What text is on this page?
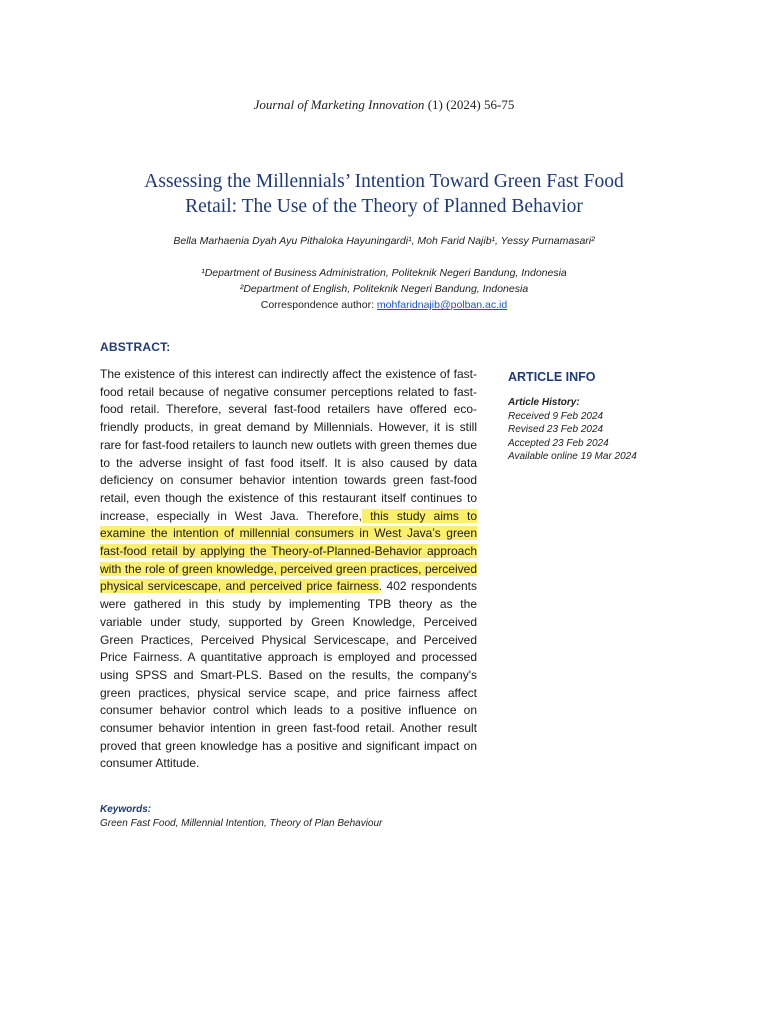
Journal of Marketing Innovation (1) (2024) 56-75
Assessing the Millennials’ Intention Toward Green Fast Food
Retail: The Use of the Theory of Planned Behavior
Bella Marhaenia Dyah Ayu Pithaloka Hayuningardi¹, Moh Farid Najib¹, Yessy Purnamasari²
¹Department of Business Administration, Politeknik Negeri Bandung, Indonesia
²Department of English, Politeknik Negeri Bandung, Indonesia
Correspondence author: mohfaridnajib@polban.ac.id
ABSTRACT:
The existence of this interest can indirectly affect the existence of fast-food retail because of negative consumer perceptions related to fast-food retail. Therefore, several fast-food retailers have offered eco-friendly products, in great demand by Millennials. However, it is still rare for fast-food retailers to launch new outlets with green themes due to the adverse insight of fast food itself. It is also caused by data deficiency on consumer behavior intention towards green fast-food retail, even though the existence of this restaurant itself continues to increase, especially in West Java. Therefore, this study aims to examine the intention of millennial consumers in West Java’s green fast-food retail by applying the Theory-of-Planned-Behavior approach with the role of green knowledge, perceived green practices, perceived physical servicescape, and perceived price fairness. 402 respondents were gathered in this study by implementing TPB theory as the variable under study, supported by Green Knowledge, Perceived Green Practices, Perceived Physical Servicescape, and Perceived Price Fairness. A quantitative approach is employed and processed using SPSS and Smart-PLS. Based on the results, the company's green practices, physical service scape, and price fairness affect consumer behavior control which leads to a positive influence on consumer behavior intention in green fast-food retail. Another result proved that green knowledge has a positive and significant impact on consumer Attitude.
Keywords:
Green Fast Food, Millennial Intention, Theory of Plan Behaviour
ARTICLE INFO
Article History:
Received 9 Feb 2024
Revised 23 Feb 2024
Accepted 23 Feb 2024
Available online 19 Mar 2024
